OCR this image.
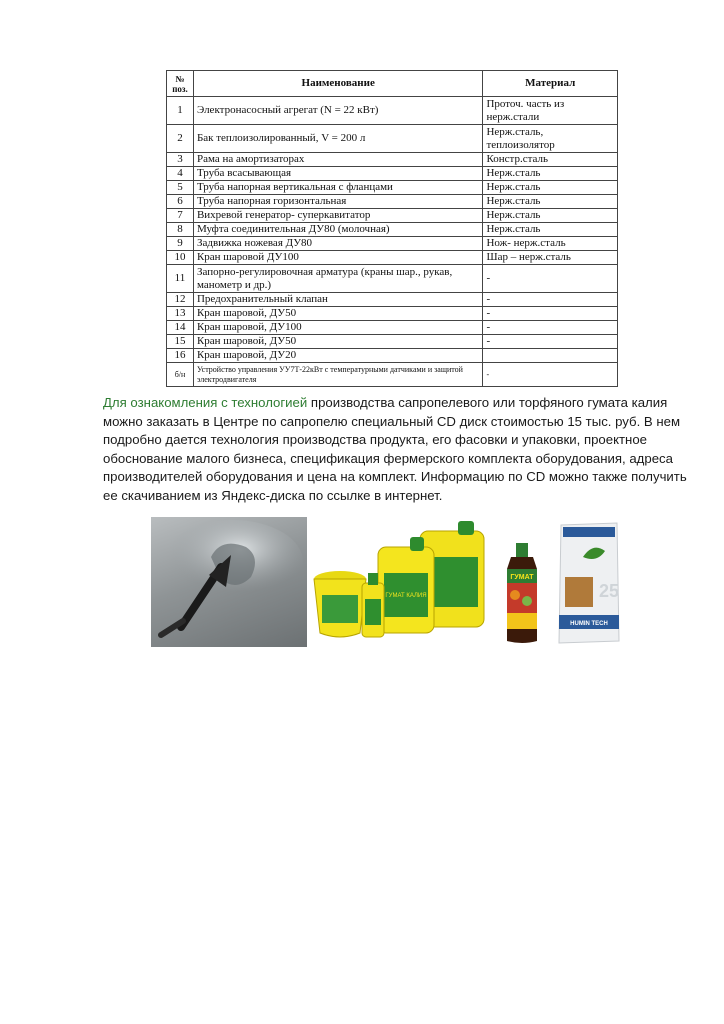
№ поз.	Наименование	Материал
1	Электронасосный агрегат (N = 22 кВт)	Проточ. часть из нерж.стали
2	Бак теплоизолированный, V = 200 л	Нерж.сталь, теплоизолятор
3	Рама на амортизаторах	Констр.сталь
4	Труба всасывающая	Нерж.сталь
5	Труба напорная вертикальная с фланцами	Нерж.сталь
6	Труба напорная горизонтальная	Нерж.сталь
7	Вихревой генератор- суперкавитатор	Нерж.сталь
8	Муфта соединительная ДУ80 (молочная)	Нерж.сталь
9	Задвижка ножевая ДУ80	Нож- нерж.сталь
10	Кран шаровой ДУ100	Шар – нерж.сталь
11	Запорно-регулировочная арматура (краны шар., рукав, манометр и др.)	-
12	Предохранительный клапан	-
13	Кран шаровой, ДУ50	-
14	Кран шаровой, ДУ100	-
15	Кран шаровой, ДУ50	-
16	Кран шаровой, ДУ20	
б/н	Устройство управления УУ7Т-22кВт с температурными датчиками и защитой электродвигателя	-

Для ознакомления с технологией производства сапропелевого или торфяного гумата калия можно заказать в Центре по сапропелю специальный CD диск стоимостью 15 тыс. руб. В нем подробно дается технология производства продукта, его фасовки и упаковки, проектное обоснование малого бизнеса, спецификация фермерского комплекта оборудования, адреса производителей оборудования и цена на комплект. Информацию по CD можно также получить ее скачиванием из Яндекс-диска по ссылке в интернет.

ГУМАТ КАЛИЯ
ГУМАТ
25
HUMIN TECH
